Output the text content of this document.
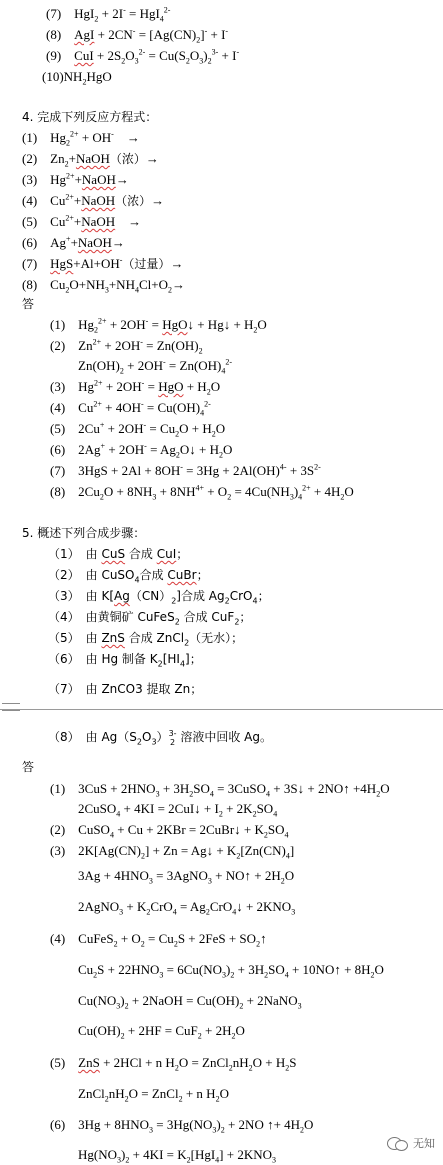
(7)　HgI$_2$ + 2I- = HgI$_4^{2-}$
(8)　AgI + $2CN^- = [Ag(CN)_2]^- + I^-$
(9)　CuI + $2S_2O_3^{2-} = Cu(S_2O_3)_2^{3-} + I^-$
$(10)NH_2HgO$
4. 完成下列反应方程式：
(1)　$Hg_2^{2+} + OH^-$　→
(2)　$Zn_2+NaOH$（浓）→
(3)　$Hg^{2+}+NaOH\to$
(4)　$Cu^{2+}+NaOH$（浓）→
(5)　$Cu^{2+}+NaOH$　→
(6)　Ag++NaOH→
(7)　HgS+Al+OH-（过量）→
(8)　$Cu_2O+NH_3+NH_4Cl+O_2\to$
答
(1)　$Hg_2^{2+} + 2OH^-$ = HgO↓ + Hg↓ + $H_2O$
(2)　$Zn^{2+} + 2OH^- = Zn(OH)_2$
$Zn(OH)_2 + 2OH^- = Zn(OH)_4^{2-}$
(3)　$Hg^{2+} + 2OH^-$ = HgO + $H_2O$
(4)　$Cu^{2+} + 4OH^- = Cu(OH)_4^{2-}$
(5)　$2Cu^+ + 2OH^- = Cu_2O + H_2O$
(6)　$2Ag^+ + 2OH^- = Ag_2O↓ + H_2O$
(7)　$3HgS + 2Al + 8OH^- = 3Hg + 2Al(OH)^{4-} + 3S^{2-}$
(8)　$2Cu_2O + 8NH_3 + 8NH^{4+} + O_2 = 4Cu(NH_3)_4^{2+} + 4H_2O$
5. 概述下列合成步骤：
（1）　由 CuS 合成 CuI；
（2）　由 CuSO$_4$合成 CuBr；
（3）　由 $K[Ag(CN)_2]$合成 $Ag_2CrO_4$；
（4）　由黄铜矿 CuFeS$_2$ 合成 CuF$_2$；
（5）　由 ZnS 合成 ZnCl$_2$（无水）；
（6）　由 Hg 制备 $K_2[HI_4]$；
（7）　由 ZnCO3 提取 Zn；
（8）　由 $Ag(S_2O_3)$ 3-
2 溶液中回收 Ag。
答
(1)　$3CuS + 2HNO_3 + 3H_2SO_4$ = 3CuSO$_4$ + 3S↓ + 2NO↑ $+4H_2O$
2CuSO$_4$ + 4KI = 2CuI↓ + $I_2 + 2K_2SO_4$
(2)　CuSO$_4$ + Cu + 2KBr = 2CuBr↓ + $K_2SO_4$
(3)　$2K[Ag(CN)_2] + Zn$ = Ag↓ + $K_2[Zn(CN)_4]$
$3Ag + 4HNO_3$ = 3AgNO$_3$ + NO↑ + $2H_2O$
2AgNO$_3$ + $K_2CrO_4$ = $Ag_2CrO_4↓ + 2KNO_3$
(4)　CuFeS$_2$ + $O_2 = Cu_2S + 2FeS$ + $SO_2↑$
$Cu_2S + 22HNO_3 = 6Cu(NO_3)_2 + 3H_2SO_4$ + 10NO↑ + $8H_2O$
$Cu(NO_3)_2$ + 2NaOH = $Cu(OH)_2$ + 2NaNO$_3$
$Cu(OH)_2 + 2HF = CuF_2 + 2H_2O$
(5)　ZnS + 2HCl + n $H_2O$ = $ZnCl_2nH_2O + H_2S$
$ZnCl_2nH_2O$ = ZnCl$_2$ + n $H_2O$
(6)　$3Hg + 8HNO_3 = 3Hg(NO_3)_2 + 2NO$ ↑+ $4H_2O$
$Hg(NO_3)_2 + 4KI = K_2[HgI_4] + 2KNO_3$
无知
